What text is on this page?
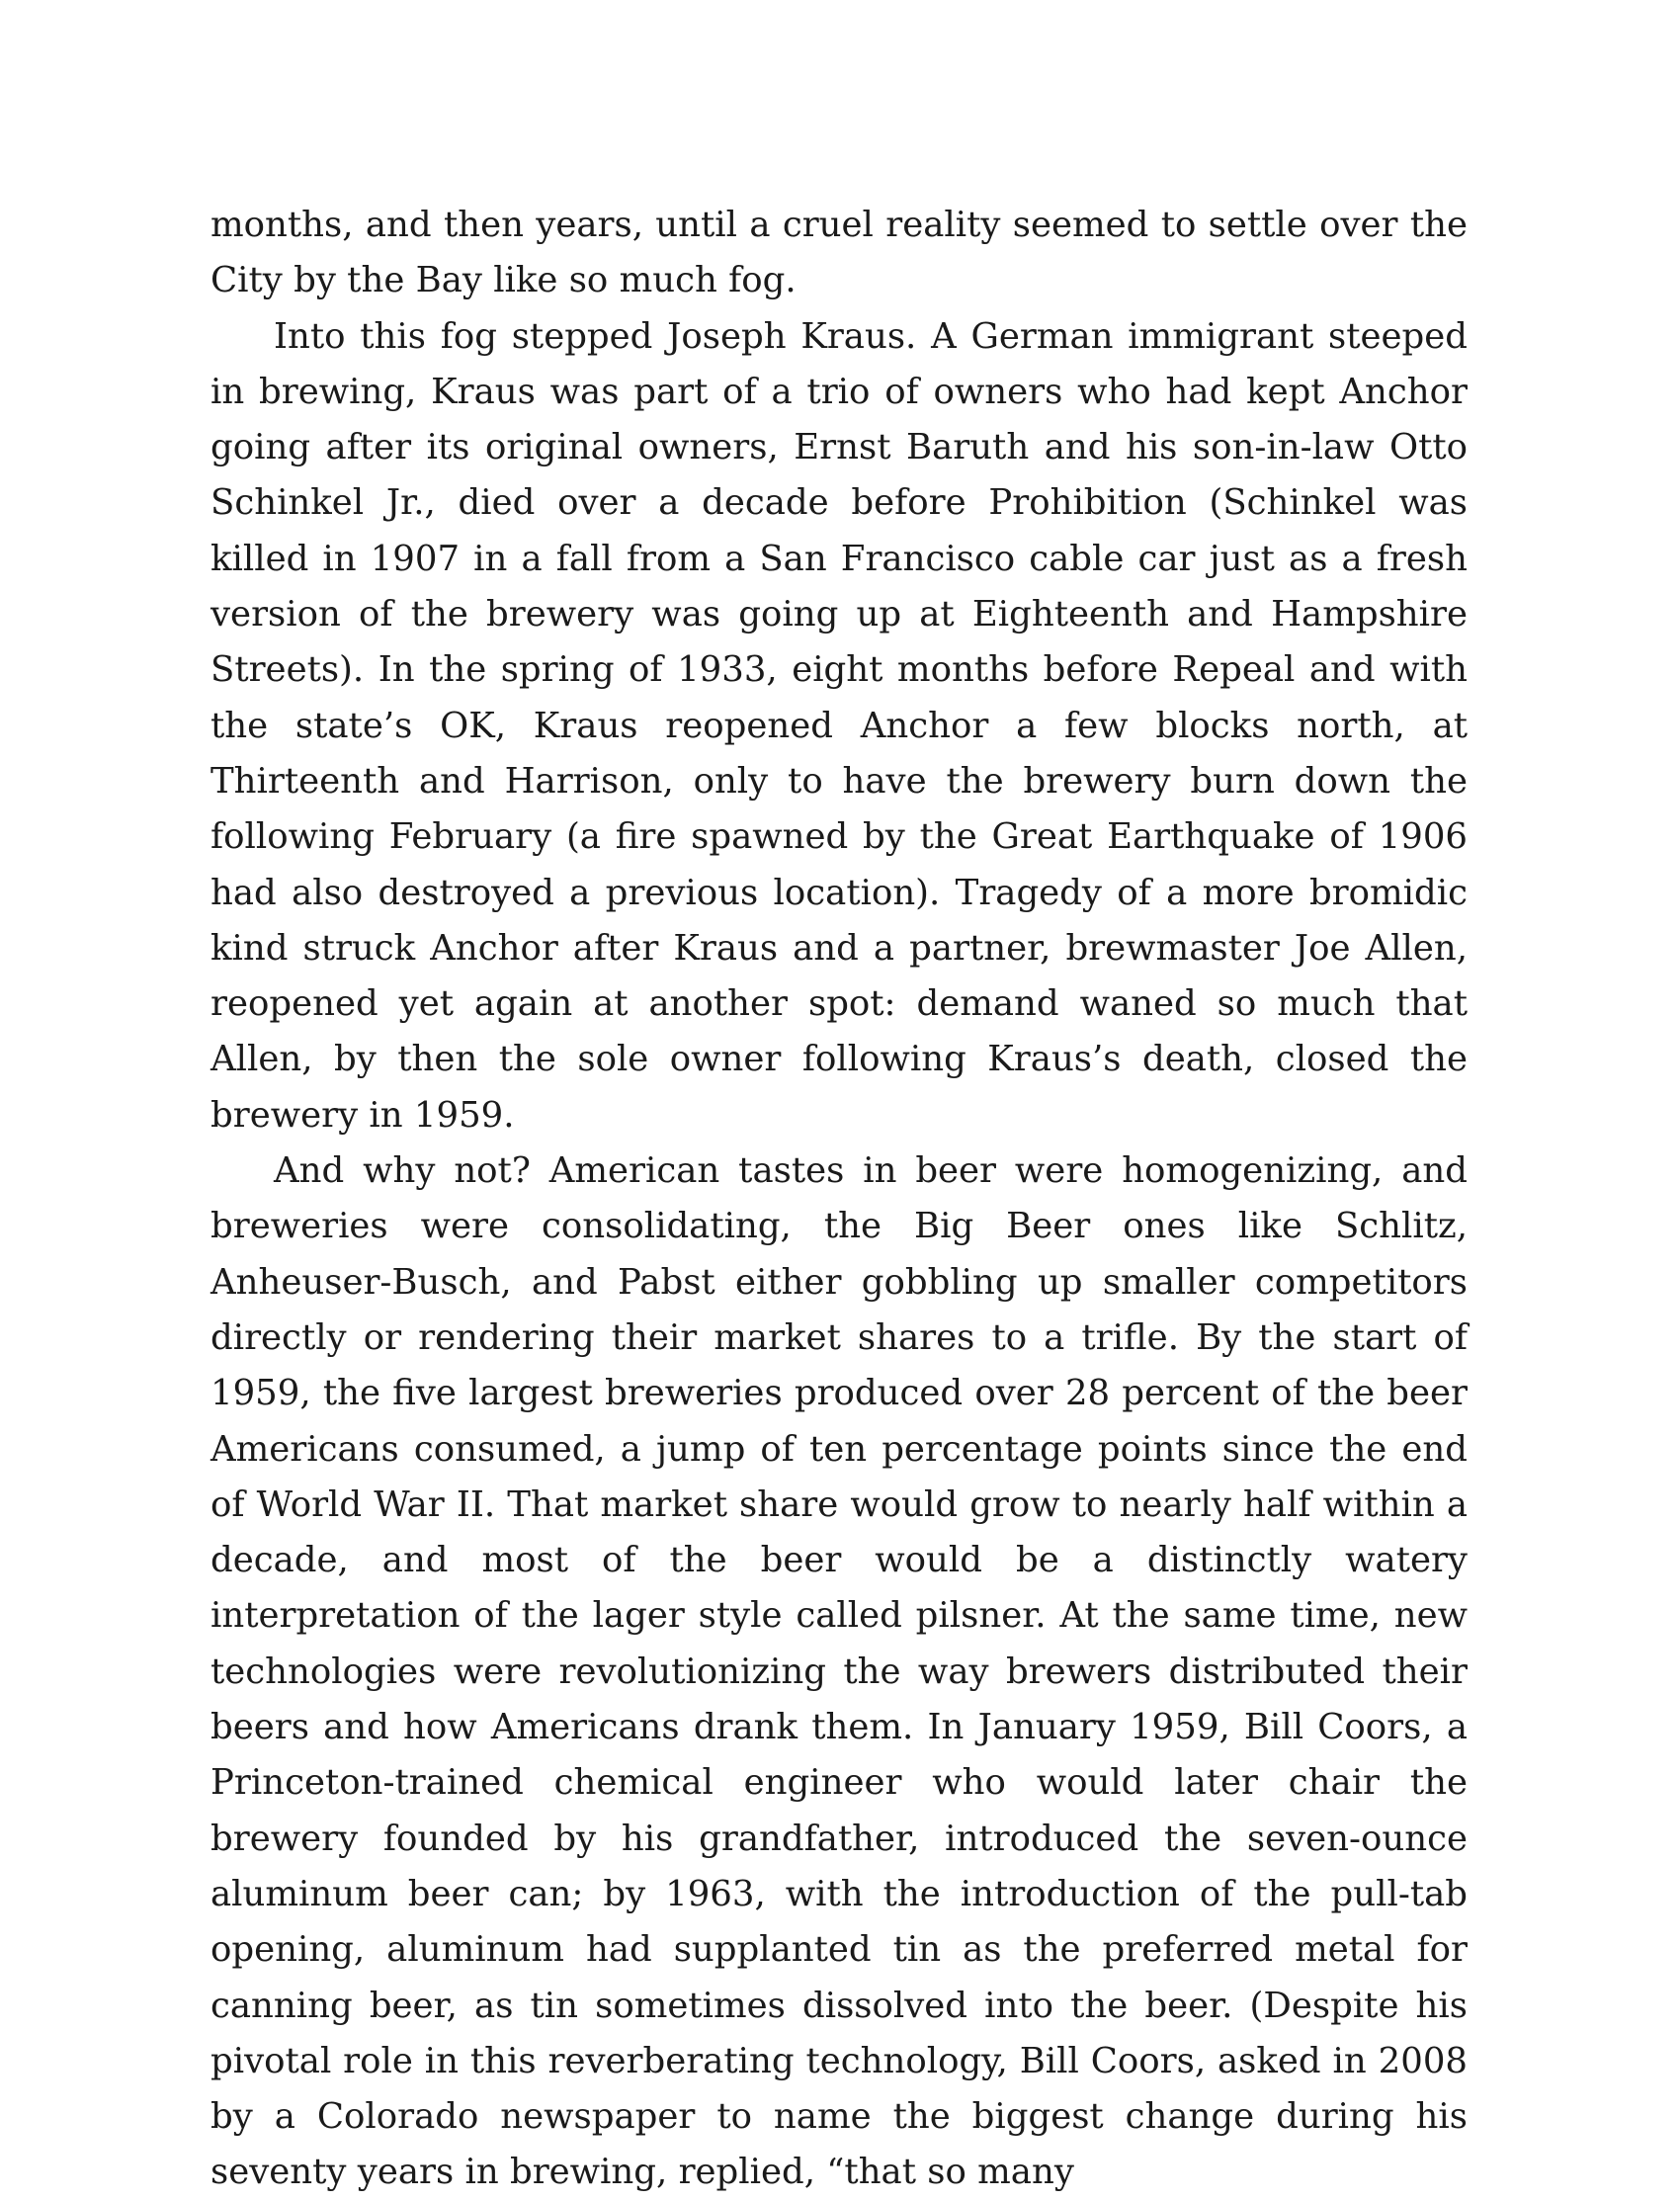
months, and then years, until a cruel reality seemed to settle over the City by the Bay like so much fog.

Into this fog stepped Joseph Kraus. A German immigrant steeped in brewing, Kraus was part of a trio of owners who had kept Anchor going after its original owners, Ernst Baruth and his son-in-law Otto Schinkel Jr., died over a decade before Prohibition (Schinkel was killed in 1907 in a fall from a San Francisco cable car just as a fresh version of the brewery was going up at Eighteenth and Hampshire Streets). In the spring of 1933, eight months before Repeal and with the state’s OK, Kraus reopened Anchor a few blocks north, at Thirteenth and Harrison, only to have the brewery burn down the following February (a fire spawned by the Great Earthquake of 1906 had also destroyed a previous location). Tragedy of a more bromidic kind struck Anchor after Kraus and a partner, brewmaster Joe Allen, reopened yet again at another spot: demand waned so much that Allen, by then the sole owner following Kraus’s death, closed the brewery in 1959.

And why not? American tastes in beer were homogenizing, and breweries were consolidating, the Big Beer ones like Schlitz, Anheuser-Busch, and Pabst either gobbling up smaller competitors directly or rendering their market shares to a trifle. By the start of 1959, the five largest breweries produced over 28 percent of the beer Americans consumed, a jump of ten percentage points since the end of World War II. That market share would grow to nearly half within a decade, and most of the beer would be a distinctly watery interpretation of the lager style called pilsner. At the same time, new technologies were revolutionizing the way brewers distributed their beers and how Americans drank them. In January 1959, Bill Coors, a Princeton-trained chemical engineer who would later chair the brewery founded by his grandfather, introduced the seven-ounce aluminum beer can; by 1963, with the introduction of the pull-tab opening, aluminum had supplanted tin as the preferred metal for canning beer, as tin sometimes dissolved into the beer. (Despite his pivotal role in this reverberating technology, Bill Coors, asked in 2008 by a Colorado newspaper to name the biggest change during his seventy years in brewing, replied, “that so many
